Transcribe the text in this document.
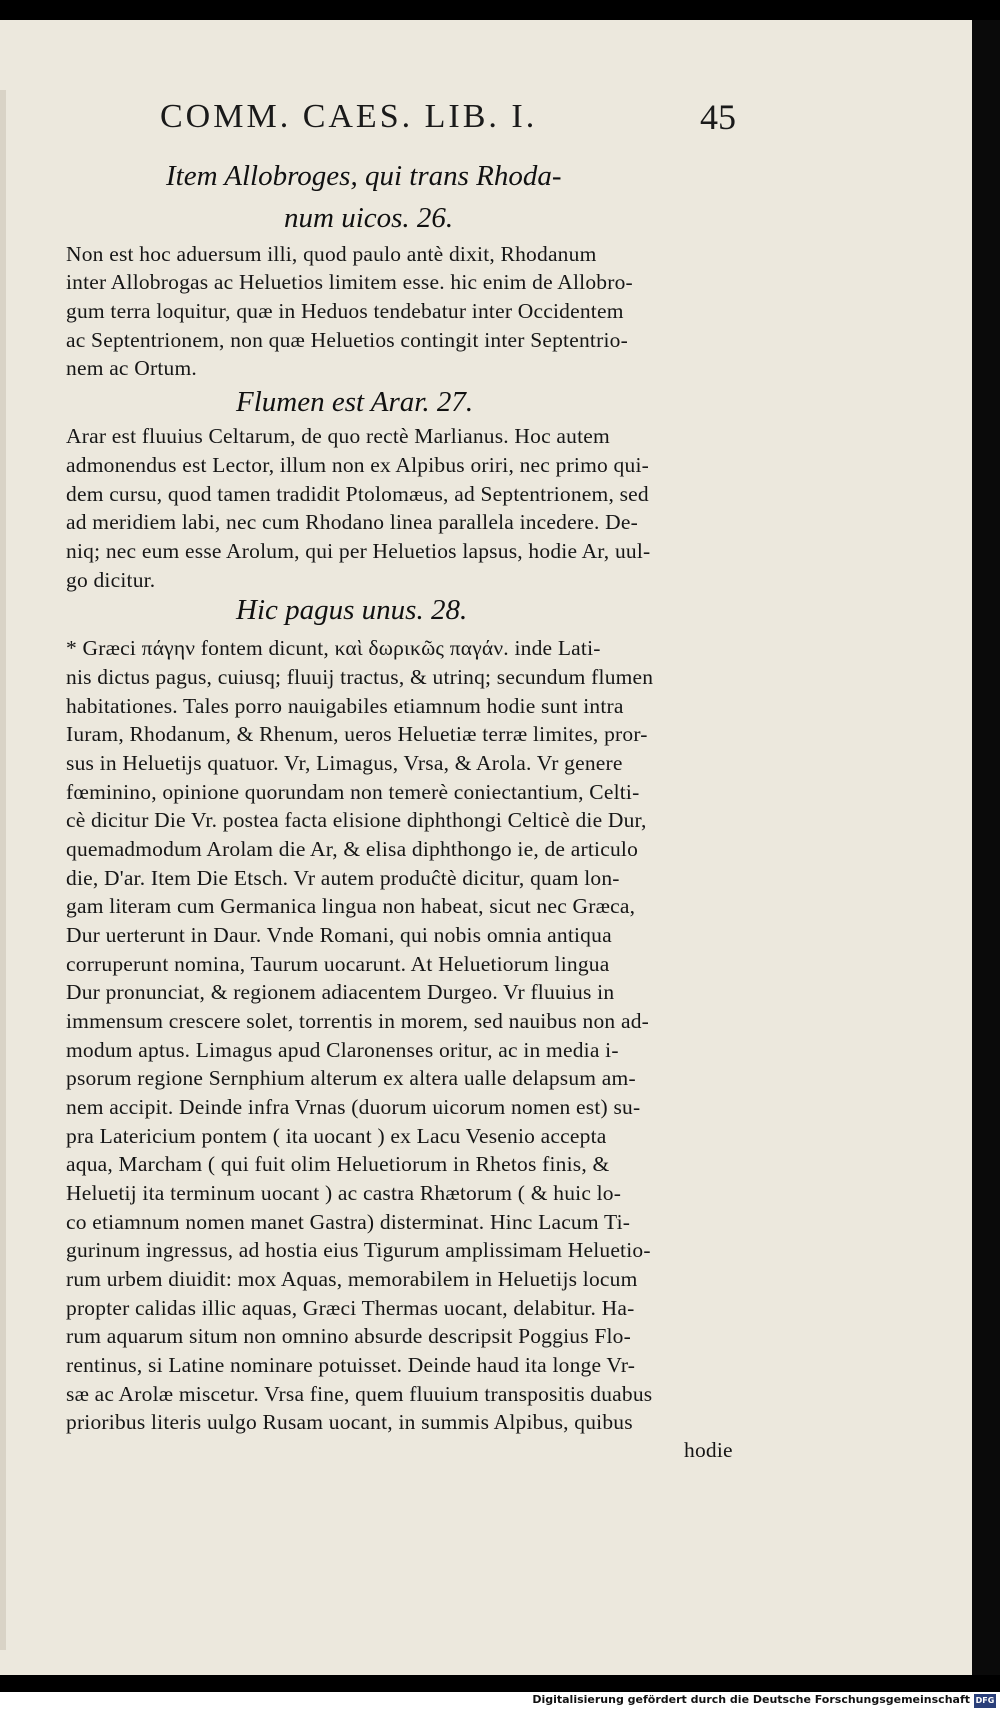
COMM. CAES. LIB. I.	45
Item Allobroges, qui trans Rhoda-
num uicos. 26.
Non est hoc aduersum illi, quod paulo antè dixit, Rhodanum
inter Allobrogas ac Heluetios limitem esse. hic enim de Allobro-
gum terra loquitur, quæ in Heduos tendebatur inter Occidentem
ac Septentrionem, non quæ Heluetios contingit inter Septentrio-
nem ac Ortum.
Flumen est Arar. 27.
Arar est fluuius Celtarum, de quo rectè Marlianus. Hoc autem
admonendus est Lector, illum non ex Alpibus oriri, nec primo qui-
dem cursu, quod tamen tradidit Ptolomæus, ad Septentrionem, sed
ad meridiem labi, nec cum Rhodano linea parallela incedere. De-
niq; nec eum esse Arolum, qui per Heluetios lapsus, hodie Ar, uul-
go dicitur.
Hic pagus unus. 28.
* Græci πάγην fontem dicunt, καὶ δωρικῶς παγάν. inde Lati-
nis dictus pagus, cuiusq; fluuij tractus, & utrinq; secundum flumen
habitationes. Tales porro nauigabiles etiamnum hodie sunt intra
Iuram, Rhodanum, & Rhenum, ueros Heluetiæ terræ limites, pror-
sus in Heluetijs quatuor. Vr, Limagus, Vrsa, & Arola. Vr genere
fœminino, opinione quorundam non temerè coniectantium, Celti-
cè dicitur Die Vr. postea facta elisione diphthongi Celticè die Dur,
quemadmodum Arolam die Ar, & elisa diphthongo ie, de articulo
die, D'ar. Item Die Etsch. Vr autem produĉtè dicitur, quam lon-
gam literam cum Germanica lingua non habeat, sicut nec Græca,
Dur uerterunt in Daur. Vnde Romani, qui nobis omnia antiqua
corruperunt nomina, Taurum uocarunt. At Heluetiorum lingua
Dur pronunciat, & regionem adiacentem Durgeo. Vr fluuius in
immensum crescere solet, torrentis in morem, sed nauibus non ad-
modum aptus. Limagus apud Claronenses oritur, ac in media i-
psorum regione Sernphium alterum ex altera ualle delapsum am-
nem accipit. Deinde infra Vrnas (duorum uicorum nomen est) su-
pra Latericium pontem ( ita uocant ) ex Lacu Vesenio accepta
aqua, Marcham ( qui fuit olim Heluetiorum in Rhetos finis, &
Heluetij ita terminum uocant ) ac castra Rhætorum ( & huic lo-
co etiamnum nomen manet Gastra) disterminat. Hinc Lacum Ti-
gurinum ingressus, ad hostia eius Tigurum amplissimam Heluetio-
rum urbem diuidit: mox Aquas, memorabilem in Heluetijs locum
propter calidas illic aquas, Græci Thermas uocant, delabitur. Ha-
rum aquarum situm non omnino absurde descripsit Poggius Flo-
rentinus, si Latine nominare potuisset. Deinde haud ita longe Vr-
sæ ac Arolæ miscetur. Vrsa fine, quem fluuium transpositis duabus
prioribus literis uulgo Rusam uocant, in summis Alpibus, quibus
hodie
Digitalisierung gefördert durch die Deutsche Forschungsgemeinschaft DFG
